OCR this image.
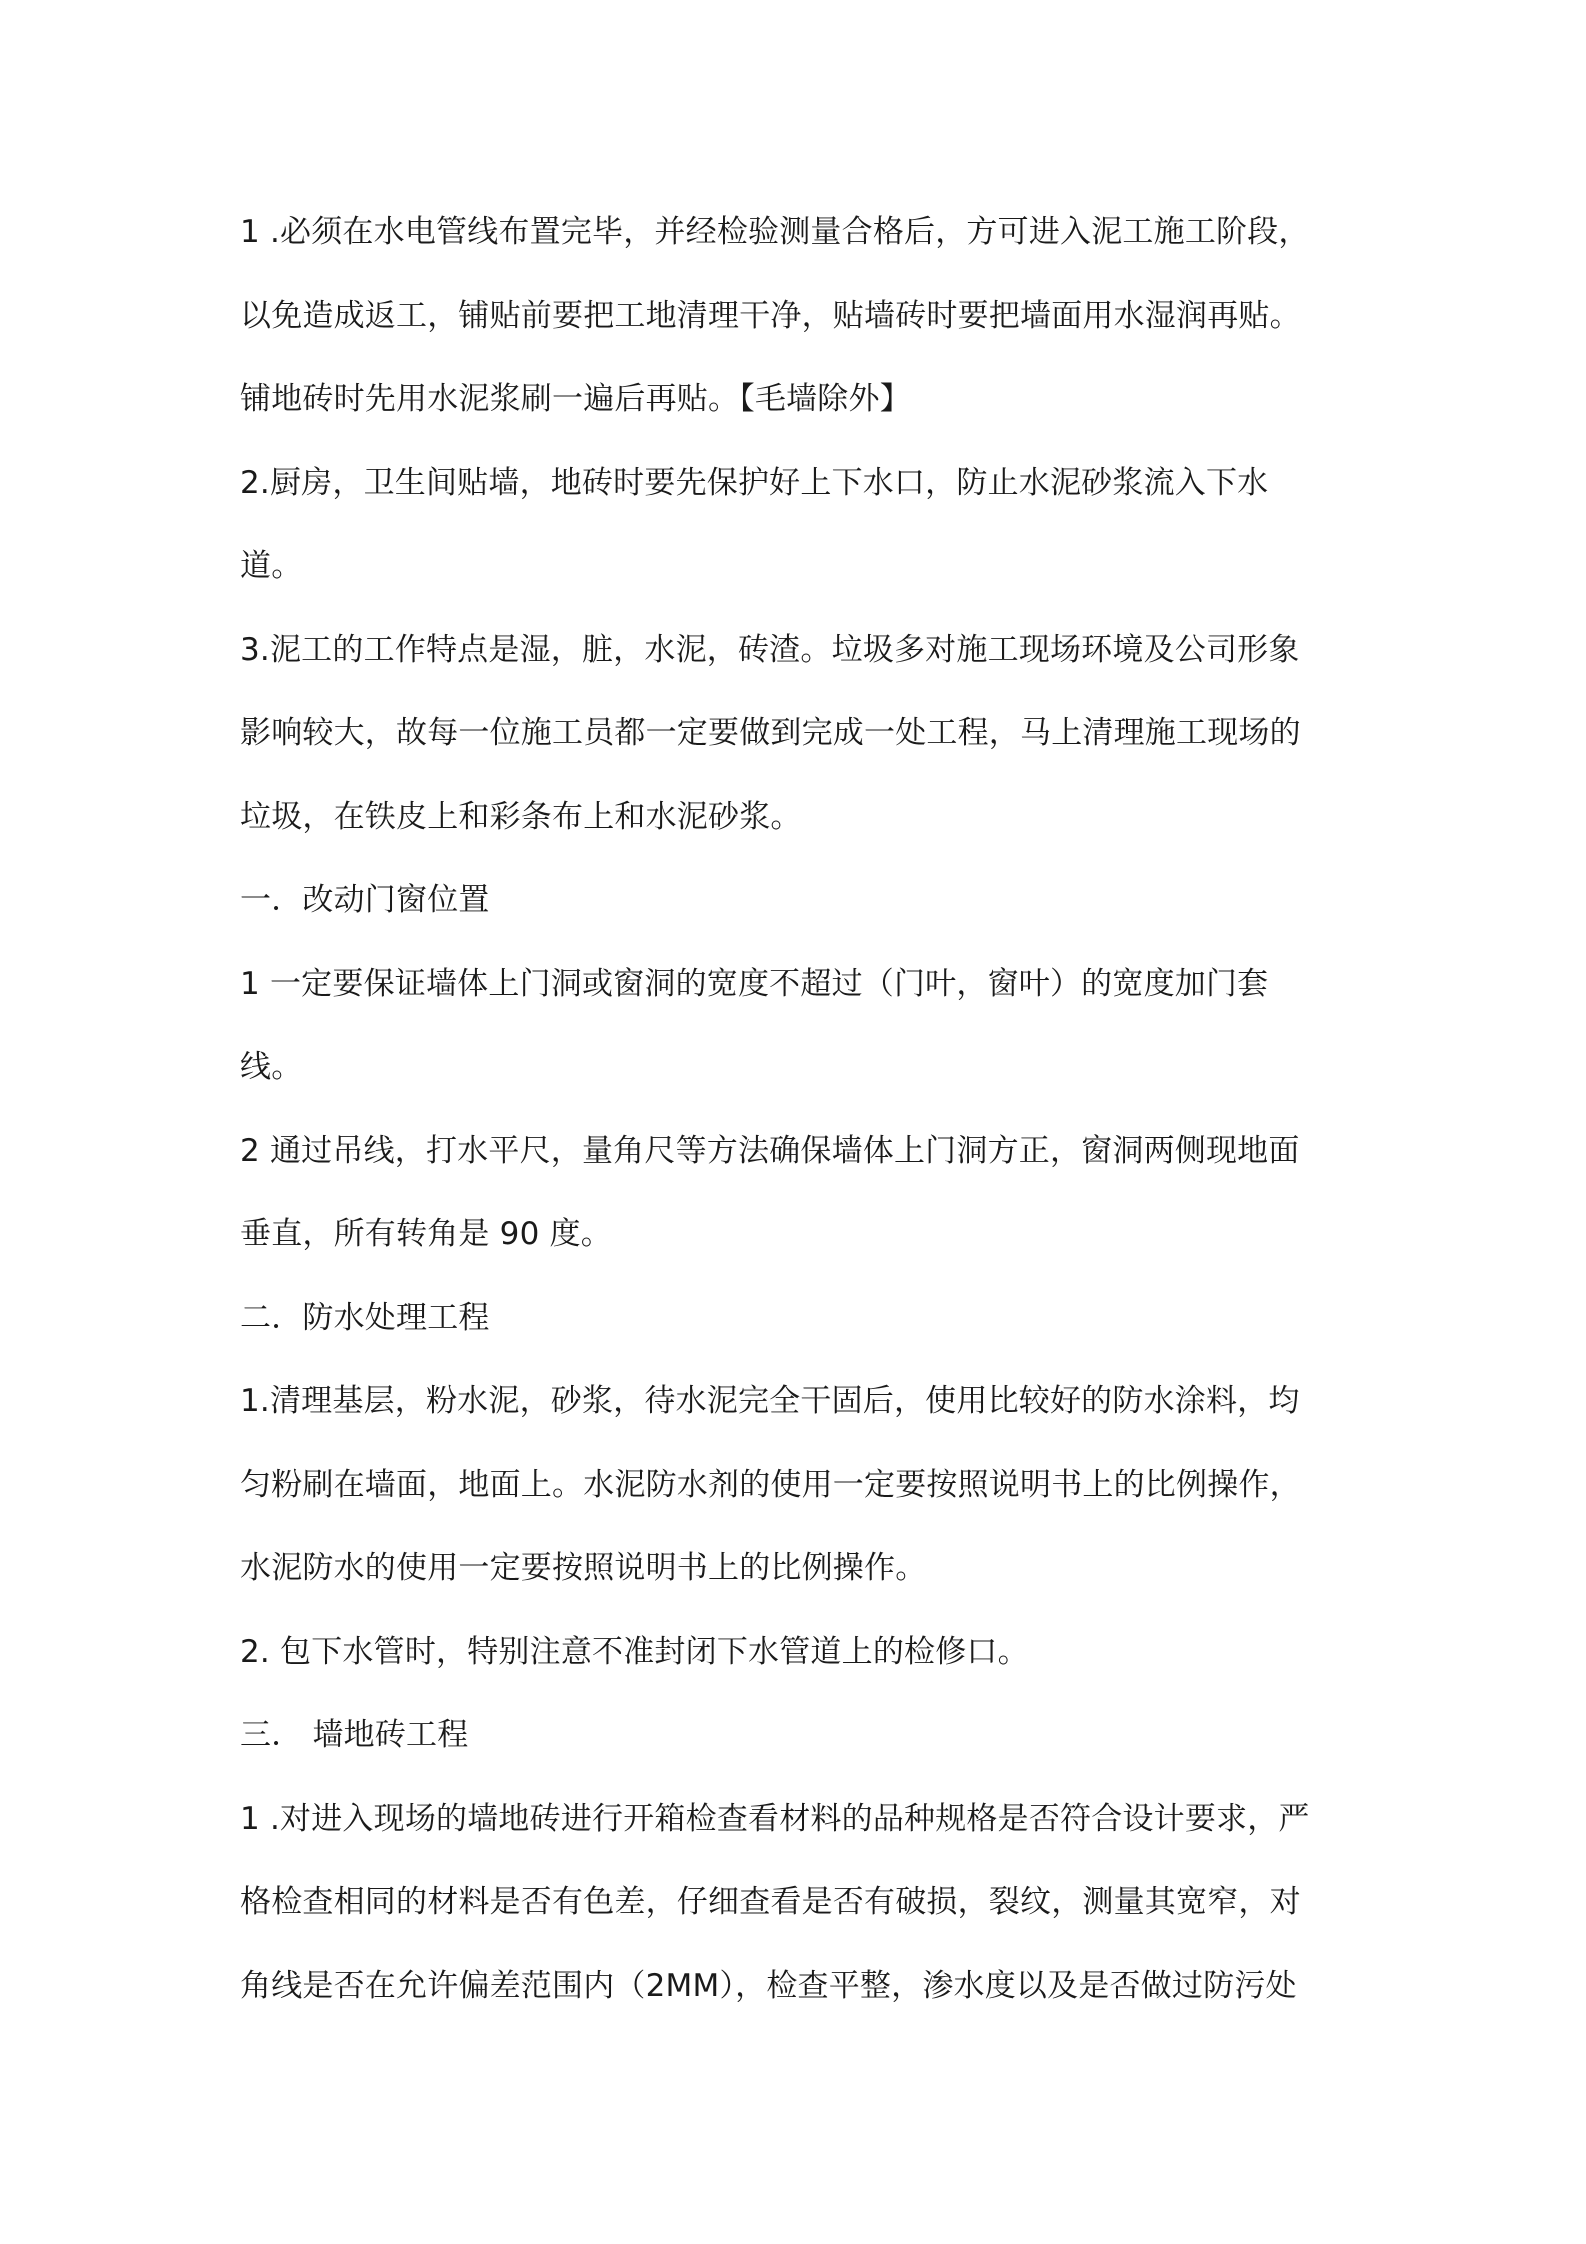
1 .必须在水电管线布置完毕，并经检验测量合格后，方可进入泥工施工阶段，
以免造成返工，铺贴前要把工地清理干净，贴墙砖时要把墙面用水湿润再贴。
铺地砖时先用水泥浆刷一遍后再贴。【毛墙除外】
2.厨房，卫生间贴墙，地砖时要先保护好上下水口，防止水泥砂浆流入下水
道。
3.泥工的工作特点是湿，脏，水泥，砖渣。垃圾多对施工现场环境及公司形象
影响较大，故每一位施工员都一定要做到完成一处工程，马上清理施工现场的
垃圾，在铁皮上和彩条布上和水泥砂浆。
一．改动门窗位置
1 一定要保证墙体上门洞或窗洞的宽度不超过（门叶，窗叶）的宽度加门套
线。
2 通过吊线，打水平尺，量角尺等方法确保墙体上门洞方正，窗洞两侧现地面
垂直，所有转角是 90 度。
二．防水处理工程
1.清理基层，粉水泥，砂浆，待水泥完全干固后，使用比较好的防水涂料，均
匀粉刷在墙面，地面上。水泥防水剂的使用一定要按照说明书上的比例操作，
水泥防水的使用一定要按照说明书上的比例操作。
2. 包下水管时，特别注意不准封闭下水管道上的检修口。
三． 墙地砖工程
1 .对进入现场的墙地砖进行开箱检查看材料的品种规格是否符合设计要求，严
格检查相同的材料是否有色差，仔细查看是否有破损，裂纹，测量其宽窄，对
角线是否在允许偏差范围内（2MM），检查平整，渗水度以及是否做过防污处
